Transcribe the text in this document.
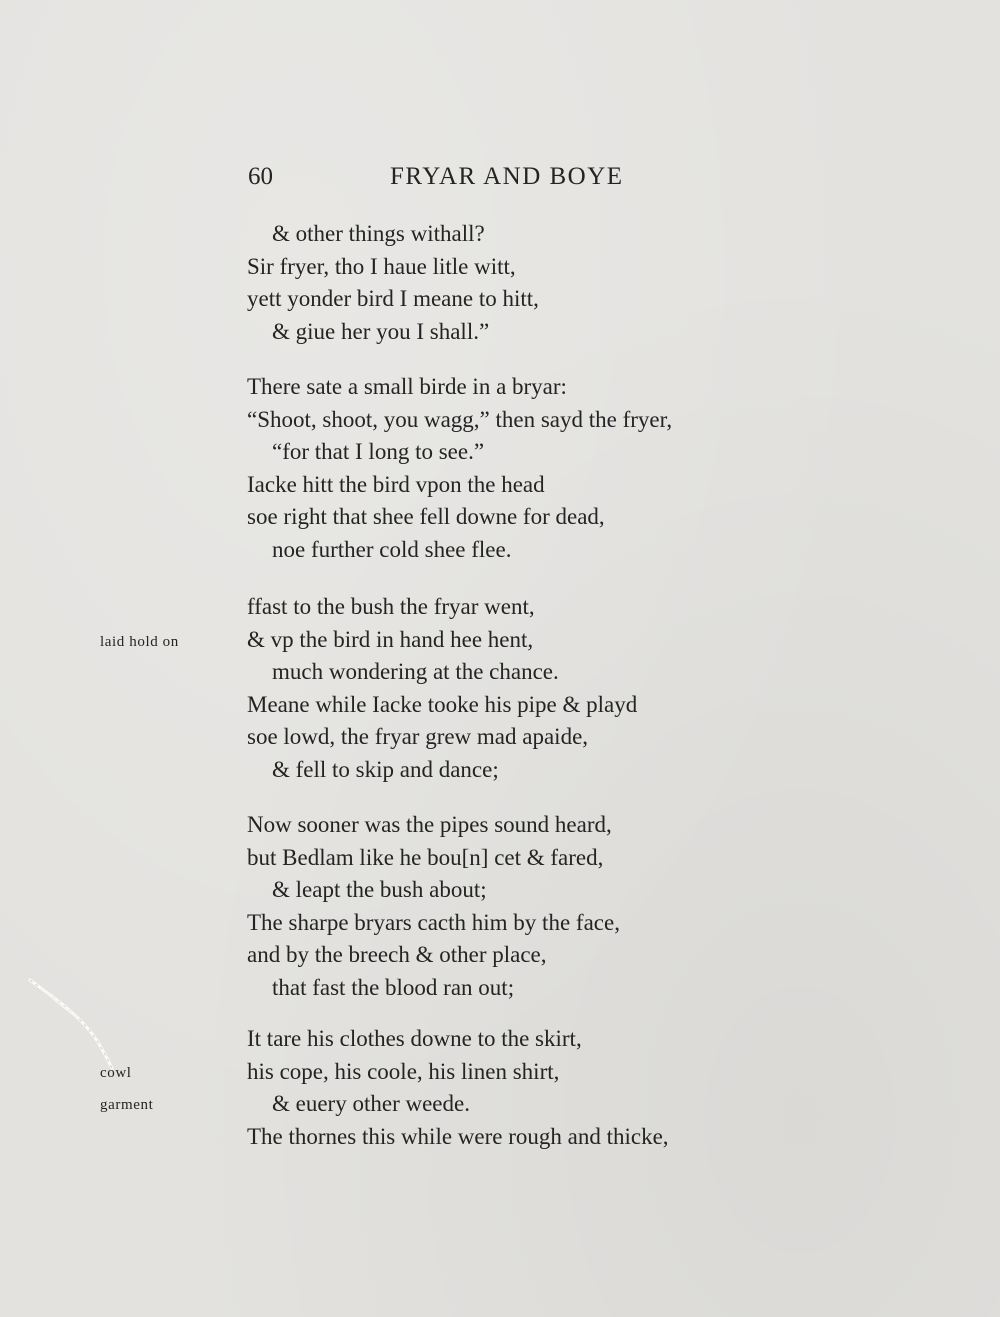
60	FRYAR AND BOYE
& other things withall?
Sir fryer, tho I haue litle witt,
yett yonder bird I meane to hitt,
& giue her you I shall.”
There sate a small birde in a bryar:
“Shoot, shoot, you wagg,” then sayd the fryer,
“for that I long to see.”
Iacke hitt the bird vpon the head
soe right that shee fell downe for dead,
noe further cold shee flee.
ffast to the bush the fryar went,
& vp the bird in hand hee hent,
much wondering at the chance.
Meane while Iacke tooke his pipe & playd
soe lowd, the fryar grew mad apaide,
& fell to skip and dance;
Now sooner was the pipes sound heard,
but Bedlam like he bou[n] cet & fared,
& leapt the bush about;
The sharpe bryars cacth him by the face,
and by the breech & other place,
that fast the blood ran out;
It tare his clothes downe to the skirt,
his cope, his coole, his linen shirt,
& euery other weede.
The thornes this while were rough and thicke,
laid hold on
cowl
garment
